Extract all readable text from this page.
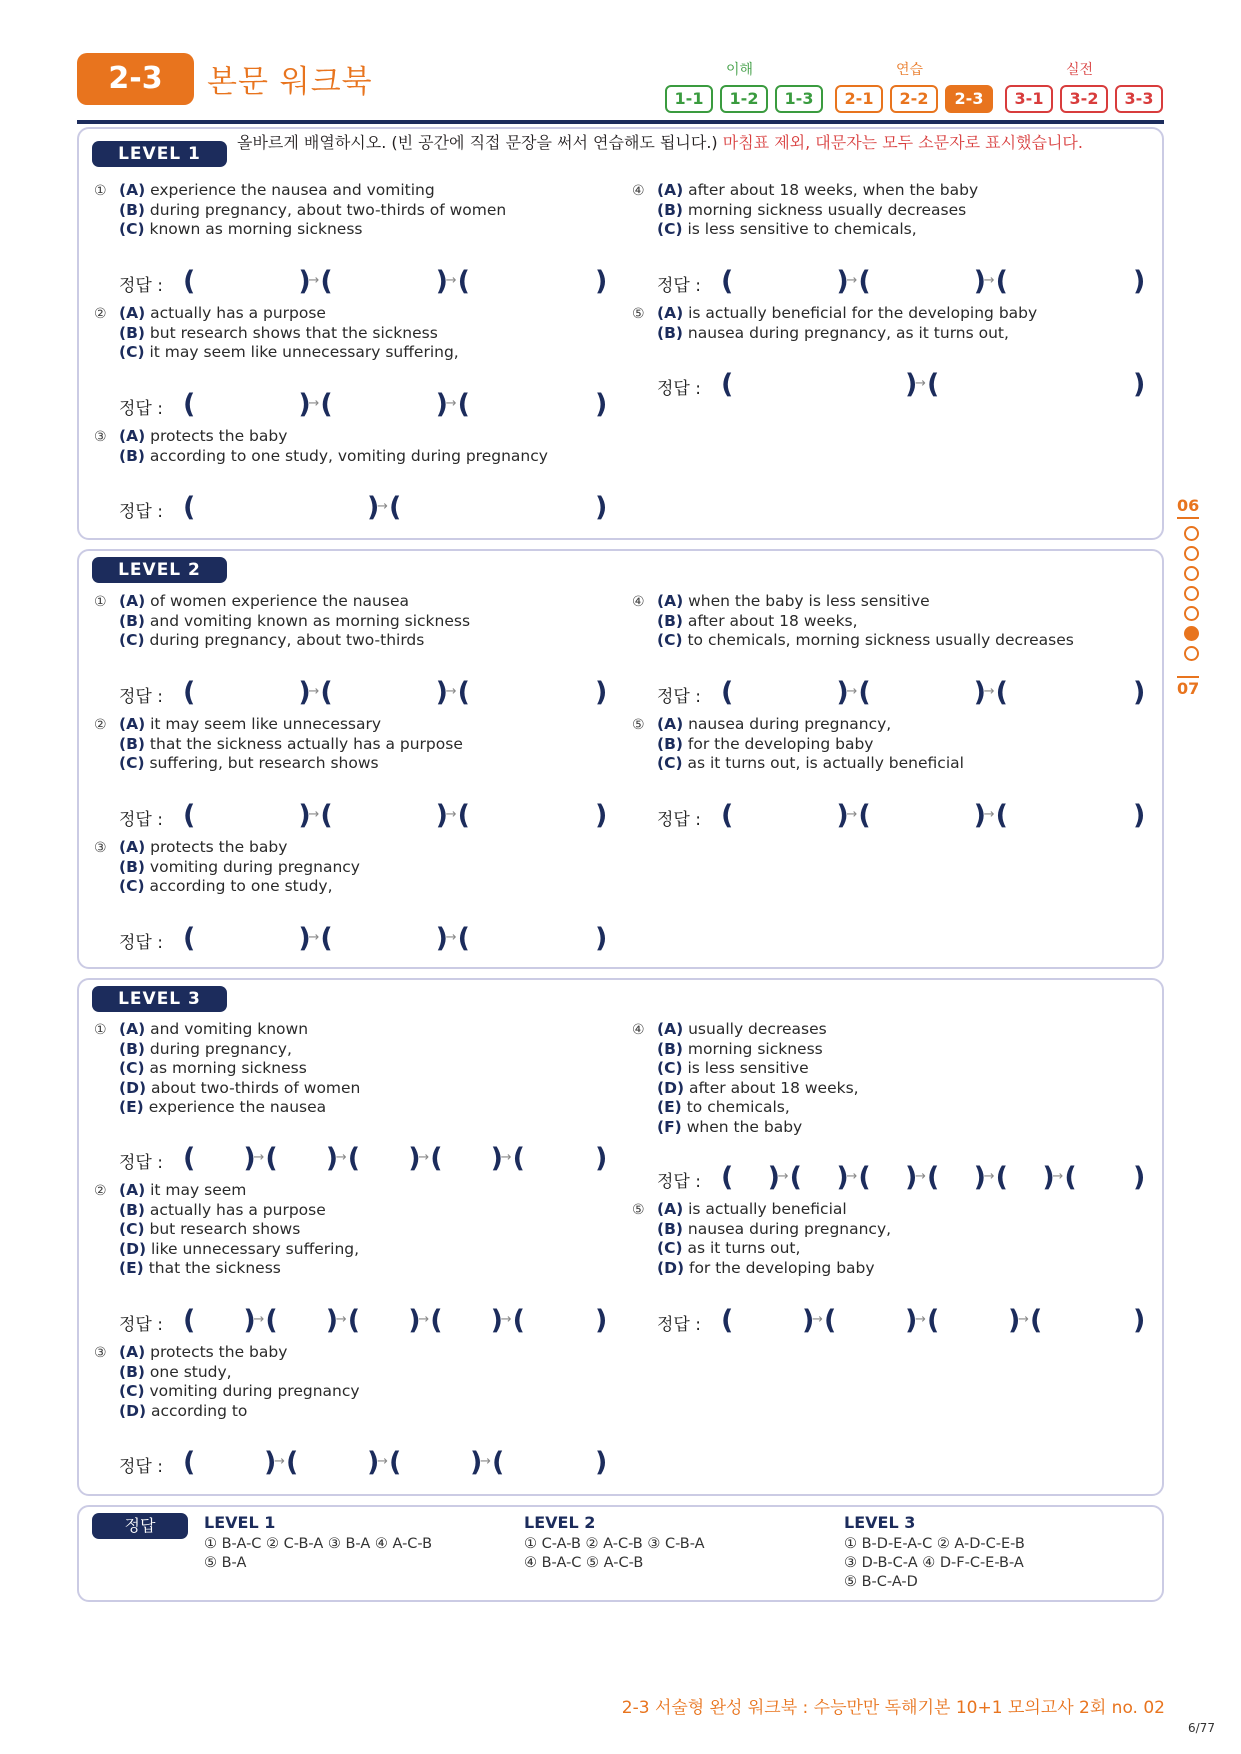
2-3	본문 워크북	이해	연습	실전
1-1	1-2	1-3	2-1	2-2	2-3	3-1	3-2	3-3
LEVEL 1
LEVEL 2
LEVEL 3
올바르게 배열하시오. (빈 공간에 직접 문장을 써서 연습해도 됩니다.) 마침표 제외, 대문자는 모두 소문자로 표시했습니다.
① (A) experience the nausea and vomiting
(B) during pregnancy, about two-thirds of women
(C) known as morning sickness
정답 : (	)
→ (	)
→ (	)
② (A) actually has a purpose
(B) but research shows that the sickness
(C) it may seem like unnecessary suffering,
정답 : (	)
→ (	)
→ (	)
③ (A) protects the baby
(B) according to one study, vomiting during pregnancy
정답 : (	)
→ (	)
④ (A) after about 18 weeks, when the baby
(B) morning sickness usually decreases
(C) is less sensitive to chemicals,
정답 : (	)
→ (	)
→ (	)
⑤ (A) is actually beneficial for the developing baby
(B) nausea during pregnancy, as it turns out,
정답 : (	)
→ (	)
① (A) of women experience the nausea
(B) and vomiting known as morning sickness
(C) during pregnancy, about two-thirds
정답 : (	)
→ (	)
→ (	)
② (A) it may seem like unnecessary
(B) that the sickness actually has a purpose
(C) suffering, but research shows
정답 : (	)
→ (	)
→ (	)
③ (A) protects the baby
(B) vomiting during pregnancy
(C) according to one study,
정답 : (	)
→ (	)
→ (	)
④ (A) when the baby is less sensitive
(B) after about 18 weeks,
(C) to chemicals, morning sickness usually decreases
정답 : (	)
→ (	)
→ (	)
⑤ (A) nausea during pregnancy,
(B) for the developing baby
(C) as it turns out, is actually beneficial
정답 : (	)
→ (	)
→ (	)
① (A) and vomiting known
(B) during pregnancy,
(C) as morning sickness
(D) about two-thirds of women
(E) experience the nausea
정답 : ( )
→ ( )
→ ( )
→ ( )
→ (	)
② (A) it may seem
(B) actually has a purpose
(C) but research shows
(D) like unnecessary suffering,
(E) that the sickness
정답 : ( )
→ ( )
→ ( )
→ ( )
→ (	)
③ (A) protects the baby
(B) one study,
(C) vomiting during pregnancy
(D) according to
정답 : (	)
→ (	)
→ (	)
→ (	)
④ (A) usually decreases
(B) morning sickness
(C) is less sensitive
(D) after about 18 weeks,
(E) to chemicals,
(F) when the baby
정답 : ( )
→ ( )
→ ( )
→ ( )
→ ( )
→ ( )
⑤ (A) is actually beneficial
(B) nausea during pregnancy,
(C) as it turns out,
(D) for the developing baby
정답 : (	)
→ (	)
→ (	)
→ (	)
06
07
정답	LEVEL 1
① B-A-C ② C-B-A ③ B-A ④ A-C-B
⑤ B-A
LEVEL 2
① C-A-B ② A-C-B ③ C-B-A
④ B-A-C ⑤ A-C-B
LEVEL 3
① B-D-E-A-C ② A-D-C-E-B
③ D-B-C-A ④ D-F-C-E-B-A
⑤ B-C-A-D
2-3 서술형 완성 워크북 : 수능만만 독해기본 10+1 모의고사 2회 no. 02
6/77
